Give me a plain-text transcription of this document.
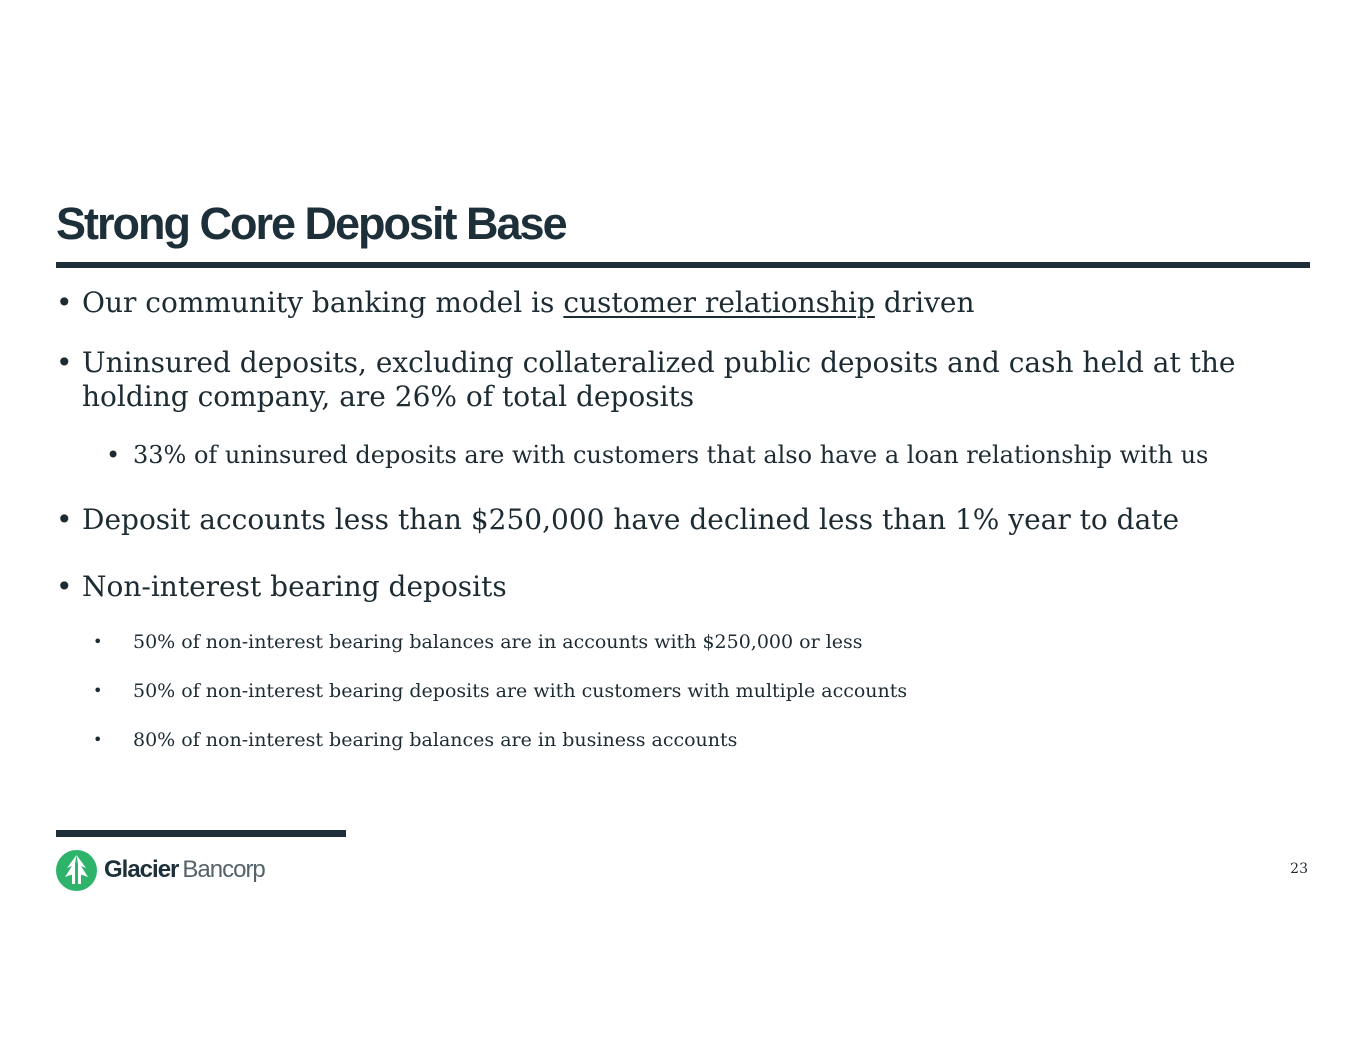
Strong Core Deposit Base
• Our community banking model is customer relationship driven
• Uninsured deposits, excluding collateralized public deposits and cash held at the holding company, are 26% of total deposits
• 33% of uninsured deposits are with customers that also have a loan relationship with us
• Deposit accounts less than $250,000 have declined less than 1% year to date
• Non-interest bearing deposits
•	50% of non-interest bearing balances are in accounts with $250,000 or less
•	50% of non-interest bearing deposits are with customers with multiple accounts
•	80% of non-interest bearing balances are in business accounts
Glacier Bancorp	23
